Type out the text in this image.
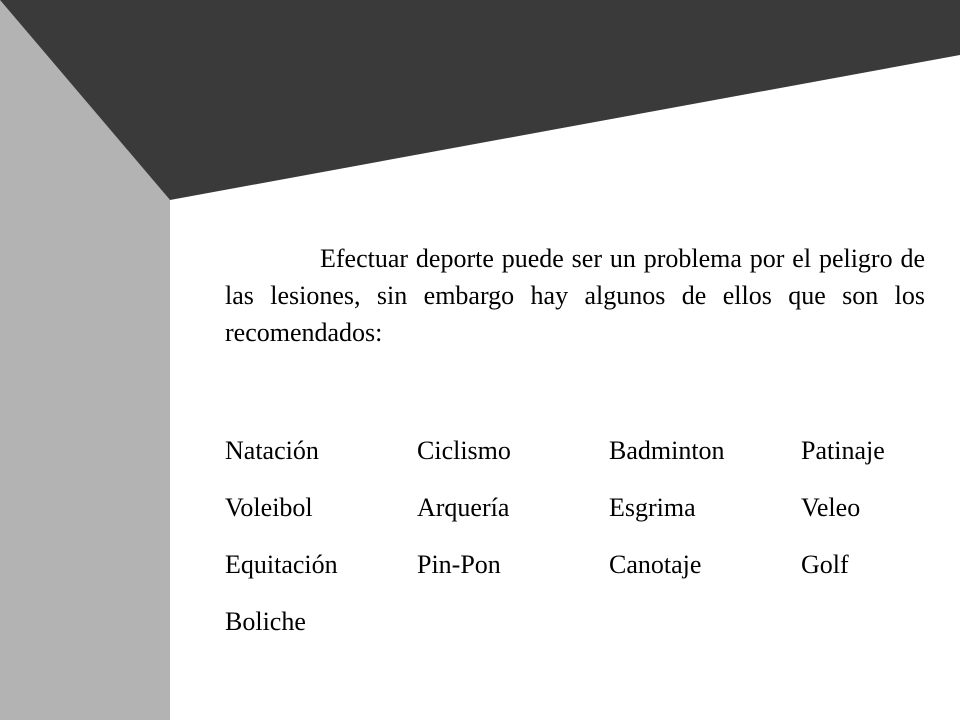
Efectuar deporte puede ser un problema por el peligro de las lesiones, sin embargo hay algunos de ellos que son los recomendados:

Natación	Ciclismo	Badminton	Patinaje
Voleibol	Arquería	Esgrima	Veleo
Equitación	Pin-Pon	Canotaje	Golf
Boliche
